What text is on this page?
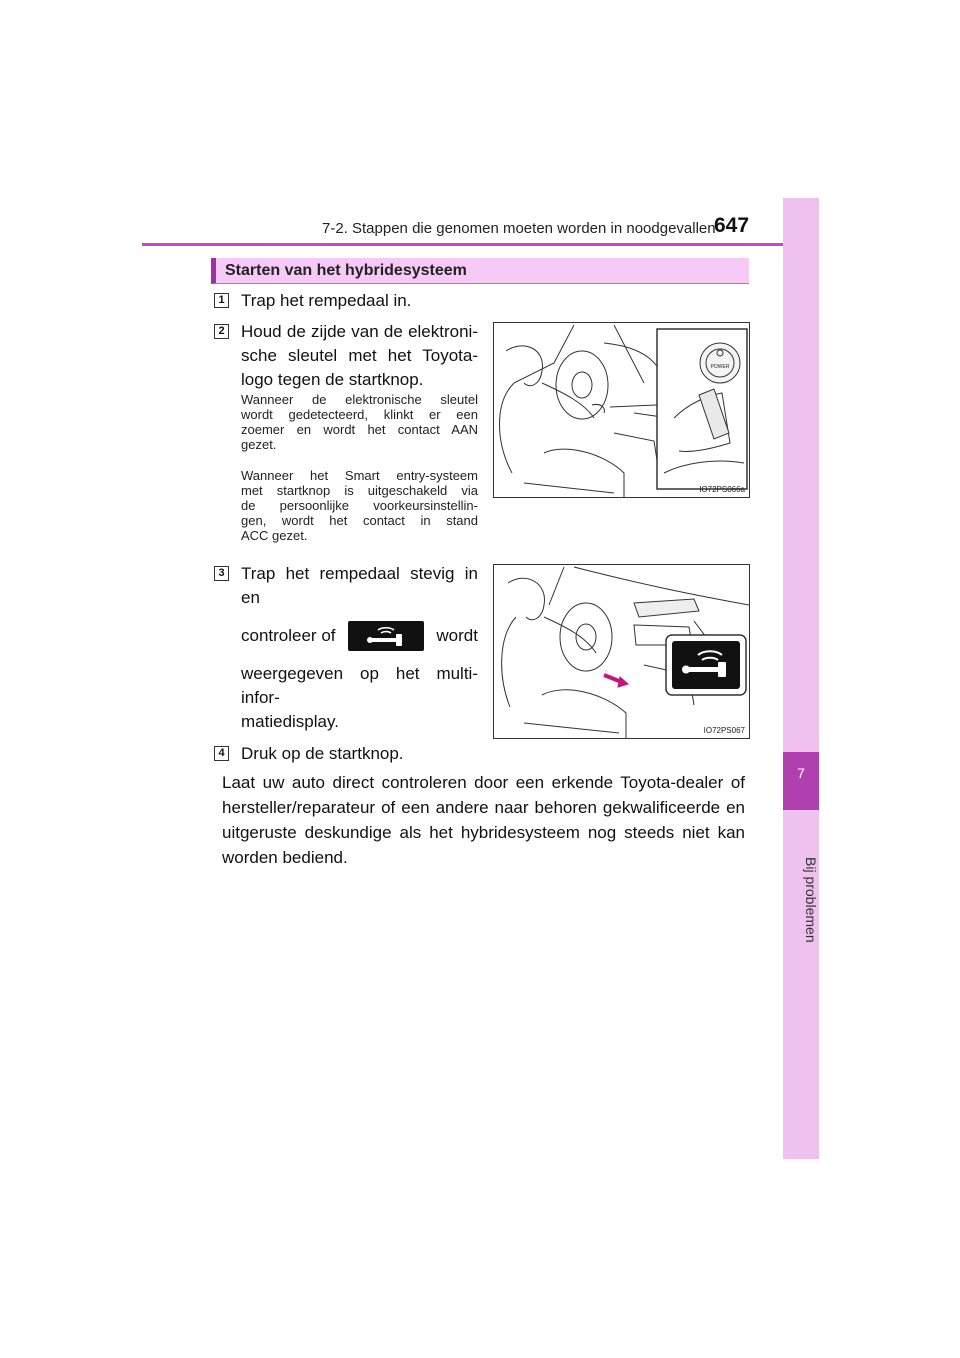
7-2. Stappen die genomen moeten worden in noodgevallen
647
7
Bij problemen
Starten van het hybridesysteem
1 Trap het rempedaal in.
2 Houd de zijde van de elektroni-
sche sleutel met het Toyota-
logo tegen de startknop.
Wanneer de elektronische sleutel
wordt gedetecteerd, klinkt er een
zoemer en wordt het contact AAN
gezet.
Wanneer het Smart entry-systeem
met startknop is uitgeschakeld via
de persoonlijke voorkeursinstellin-
gen, wordt het contact in stand
ACC gezet.
POWER
IO72PS066a
3 Trap het rempedaal stevig in en
controleer of	wordt
weergegeven op het multi-infor-
matiedisplay.	IO72PS067
4 Druk op de startknop.
Laat uw auto direct controleren door een erkende Toyota-dealer of
hersteller/reparateur of een andere naar behoren gekwalificeerde en
uitgeruste deskundige als het hybridesysteem nog steeds niet kan
worden bediend.
